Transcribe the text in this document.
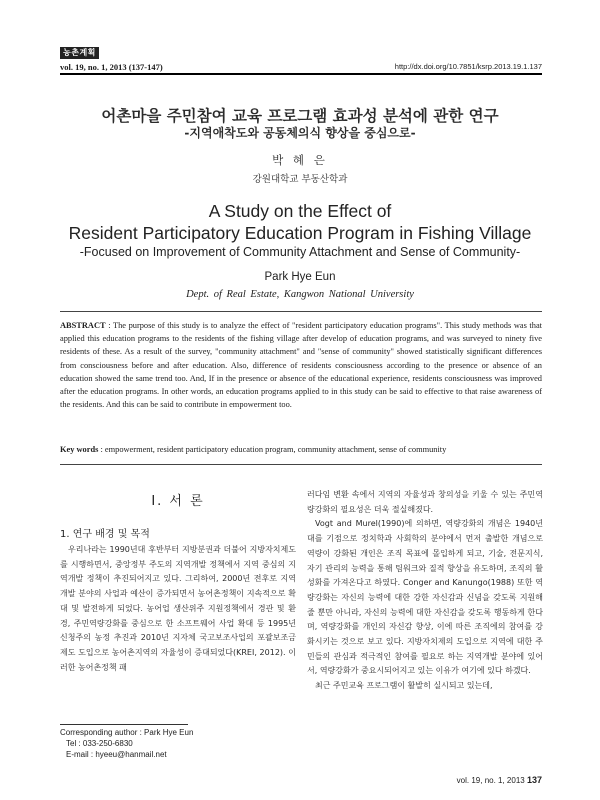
농촌계획
vol. 19, no. 1, 2013 (137-147)	http://dx.doi.org/10.7851/ksrp.2013.19.1.137
어촌마을 주민참여 교육 프로그램 효과성 분석에 관한 연구
-지역애착도와 공동체의식 향상을 중심으로-
박 혜 은
강원대학교 부동산학과
A Study on the Effect of
Resident Participatory Education Program in Fishing Village
-Focused on Improvement of Community Attachment and Sense of Community-
Park Hye Eun
Dept. of Real Estate, Kangwon National University
ABSTRACT : The purpose of this study is to analyze the effect of "resident participatory education programs". This study methods was that applied this education programs to the residents of the fishing village after develop of education programs, and was surveyed to ninety five residents of these. As a result of the survey, "community attachment" and "sense of community" showed statistically significant differences from consciousness before and after education. Also, difference of residents consciousness according to the presence or absence of an education showed the same trend too. And, If in the presence or absence of the educational experience, residents consciousness was improved after the education programs. In other words, an education programs applied to in this study can be said to effective to that raise awareness of the residents. And this can be said to contribute in empowerment too.
Key words : empowerment, resident participatory education program, community attachment, sense of community
I. 서 론
1. 연구 배경 및 목적

우리나라는 1990년대 후반부터 지방분권과 더불어 지방자치제도를 시행하면서, 중앙정부 주도의 지역개발 정책에서 지역 중심의 지역개발 정책이 추진되어지고 있다. 그리하여, 2000년 전후로 지역개발 분야의 사업과 예산이 증가되면서 농어촌정책이 지속적으로 확대 및 발전하게 되었다. 농어업 생산위주 지원정책에서 경관 및 환경, 주민역량강화를 중심으로 한 소프트웨어 사업 확대 등 1995년 신청주의 농정 추진과 2010년 지자체 국고보조사업의 포괄보조금제도 도입으로 농어촌지역의 자율성이 증대되었다(KREI, 2012). 이러한 농어촌정책 패

러다임 변환 속에서 지역의 자율성과 창의성을 키울 수 있는 주민역량강화의 필요성은 더욱 절실해졌다.

Vogt and Murel(1990)에 의하면, 역량강화의 개념은 1940년대를 기점으로 정치학과 사회학의 분야에서 먼저 출발한 개념으로 역량이 강화된 개인은 조직 목표에 몰입하게 되고, 기술, 전문지식, 자기 관리의 능력을 통해 팀워크와 질적 향상을 유도하며, 조직의 활성화를 가져온다고 하였다. Conger and Kanungo(1988) 또한 역량강화는 자신의 능력에 대한 강한 자신감과 신념을 갖도록 지원해줄 뿐만 아니라, 자신의 능력에 대한 자신감을 갖도록 행동하게 한다며, 역량강화를 개인의 자신감 향상, 이에 따른 조직에의 참여를 강화시키는 것으로 보고 있다. 지방자치제의 도입으로 지역에 대한 주민들의 관심과 적극적인 참여를 필요로 하는 지역개발 분야에 있어서, 역량강화가 중요시되어지고 있는 이유가 여기에 있다 하겠다.

최근 주민교육 프로그램이 활발히 실시되고 있는데,

Corresponding author : Park Hye Eun
Tel : 033-250-6830
E-mail : hyeeu@hanmail.net
vol. 19, no. 1, 2013 137
